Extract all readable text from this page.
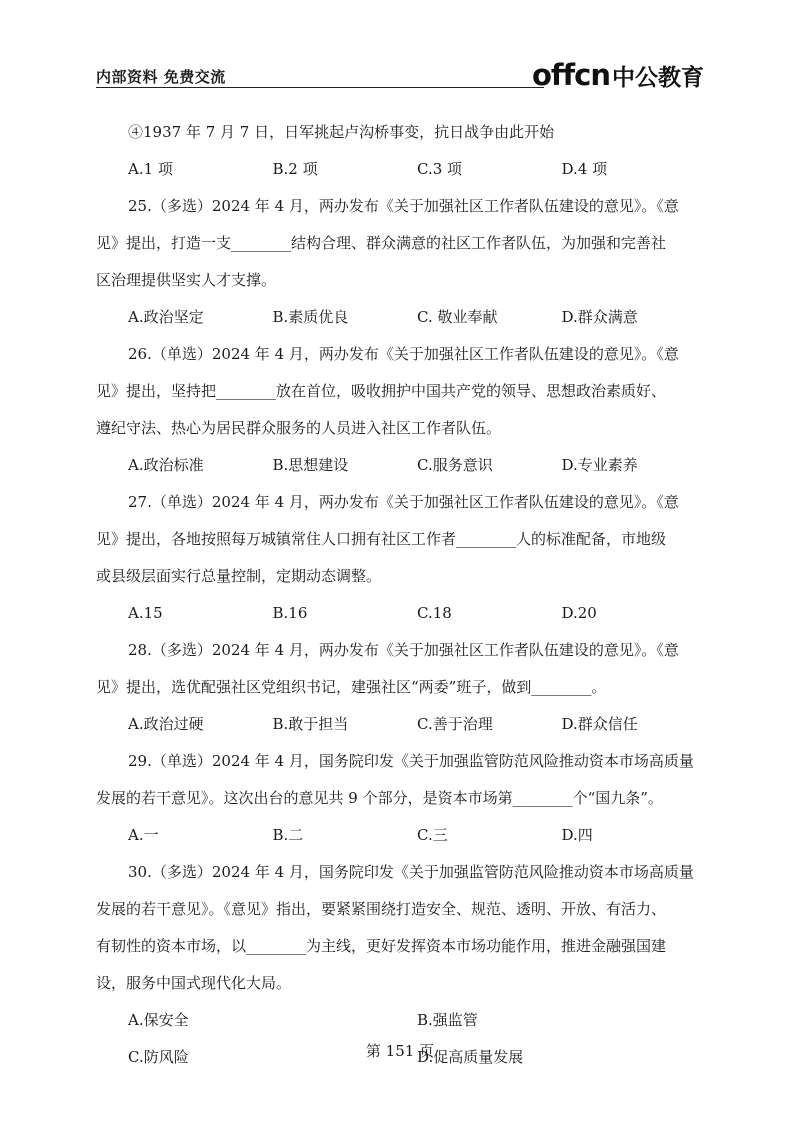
内部资料 免费交流	offcn 中公教育

④1937 年 7 月 7 日，日军挑起卢沟桥事变，抗日战争由此开始

A.1 项	B.2 项	C.3 项	D.4 项

25.（多选）2024 年 4 月，两办发布《关于加强社区工作者队伍建设的意见》。《意

见》提出，打造一支________结构合理、群众满意的社区工作者队伍，为加强和完善社

区治理提供坚实人才支撑。

A.政治坚定	B.素质优良	C. 敬业奉献	D.群众满意

26.（单选）2024 年 4 月，两办发布《关于加强社区工作者队伍建设的意见》。《意

见》提出，坚持把________放在首位，吸收拥护中国共产党的领导、思想政治素质好、

遵纪守法、热心为居民群众服务的人员进入社区工作者队伍。

A.政治标准	B.思想建设	C.服务意识	D.专业素养

27.（单选）2024 年 4 月，两办发布《关于加强社区工作者队伍建设的意见》。《意

见》提出，各地按照每万城镇常住人口拥有社区工作者________人的标准配备，市地级

或县级层面实行总量控制，定期动态调整。

A.15	B.16	C.18	D.20

28.（多选）2024 年 4 月，两办发布《关于加强社区工作者队伍建设的意见》。《意

见》提出，选优配强社区党组织书记，建强社区“两委”班子，做到________。

A.政治过硬	B.敢于担当	C.善于治理	D.群众信任

29.（单选）2024 年 4 月，国务院印发《关于加强监管防范风险推动资本市场高质量

发展的若干意见》。这次出台的意见共 9 个部分，是资本市场第________个“国九条”。

A.一	B.二	C.三	D.四

30.（多选）2024 年 4 月，国务院印发《关于加强监管防范风险推动资本市场高质量

发展的若干意见》。《意见》指出，要紧紧围绕打造安全、规范、透明、开放、有活力、

有韧性的资本市场，以________为主线，更好发挥资本市场功能作用，推进金融强国建

设，服务中国式现代化大局。

A.保安全	B.强监管
C.防风险	D.促高质量发展
第 151 页
